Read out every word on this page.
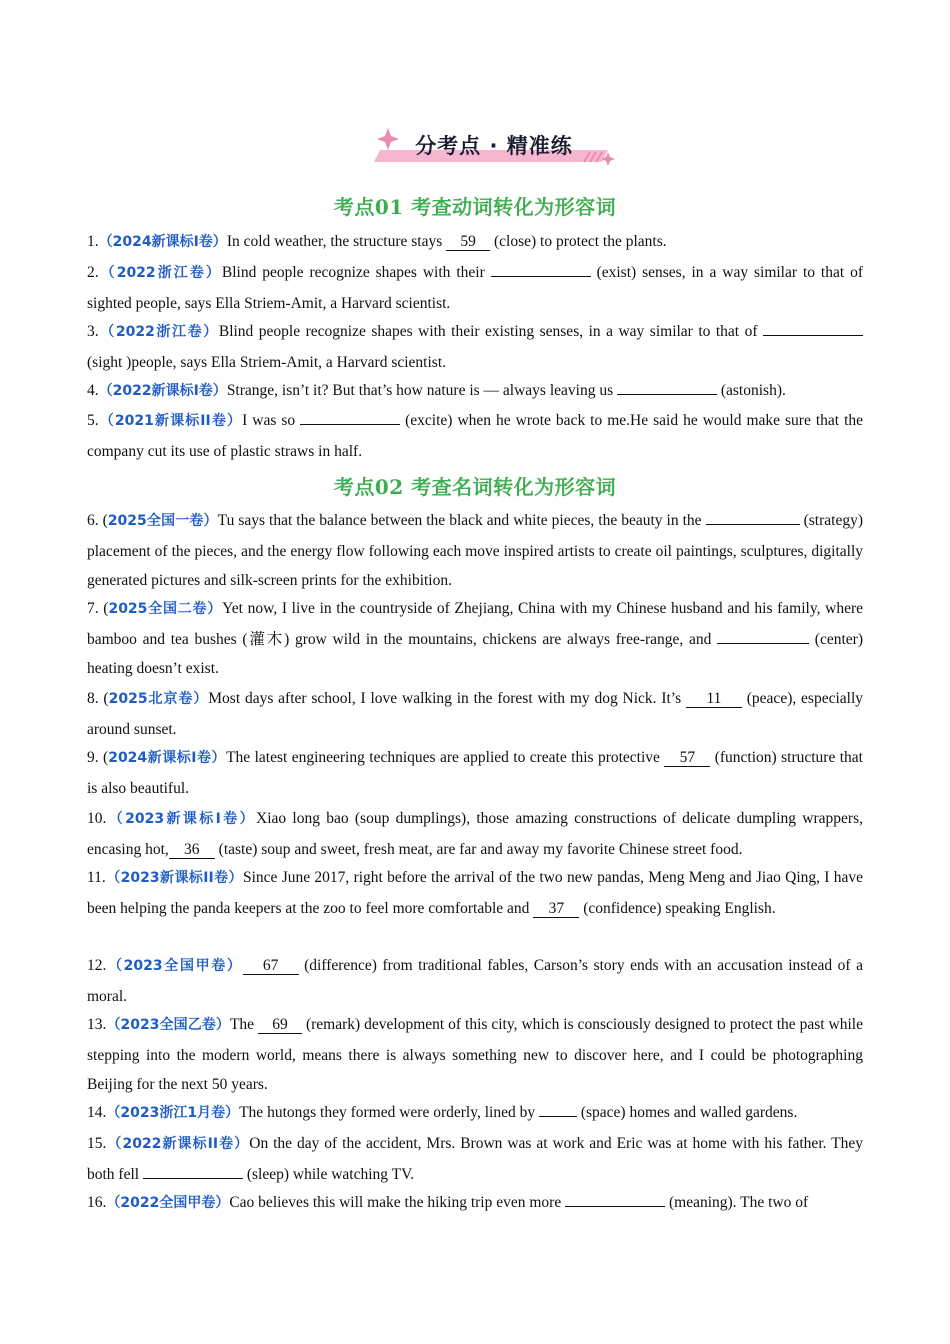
分考点 · 精准练
考点01 考查动词转化为形容词
1.（2024新课标I卷）In cold weather, the structure stays 59 (close) to protect the plants.
2.（2022浙江卷）Blind people recognize shapes with their	(exist) senses, in a way similar to that of sighted people, says Ella Striem-Amit, a Harvard scientist.
3.（2022浙江卷）Blind people recognize shapes with their existing senses, in a way similar to that of  (sight )people, says Ella Striem-Amit, a Harvard scientist.
4.（2022新课标I卷）Strange, isn’t it? But that’s how nature is — always leaving us	(astonish).
5.（2021新课标II卷）I was so	(excite) when he wrote back to me.He said he would make sure that the company cut its use of plastic straws in half.
考点02 考查名词转化为形容词
6. (2025全国一卷）Tu says that the balance between the black and white pieces, the beauty in the	(strategy) placement of the pieces, and the energy flow following each move inspired artists to create oil paintings, sculptures, digitally generated pictures and silk-screen prints for the exhibition.
7. (2025全国二卷）Yet now, I live in the countryside of Zhejiang, China with my Chinese husband and his family, where bamboo and tea bushes (灌木) grow wild in the mountains, chickens are always free-range, and	(center) heating doesn’t exist.
8. (2025北京卷）Most days after school, I love walking in the forest with my dog Nick. It’s 11 (peace), especially around sunset.
9. (2024新课标I卷）The latest engineering techniques are applied to create this protective 57 (function) structure that is also beautiful.
10.（2023新课标I卷）Xiao long bao (soup dumplings), those amazing constructions of delicate dumpling wrappers, encasing hot, 36 (taste) soup and sweet, fresh meat, are far and away my favorite Chinese street food.
11.（2023新课标II卷）Since June 2017, right before the arrival of the two new pandas, Meng Meng and Jiao Qing, I have been helping the panda keepers at the zoo to feel more comfortable and 37 (confidence) speaking English.
12.（2023全国甲卷） 67 (difference) from traditional fables, Carson’s story ends with an accusation instead of a moral.
13.（2023全国乙卷）The 69 (remark) development of this city, which is consciously designed to protect the past while stepping into the modern world, means there is always something new to discover here, and I could be photographing Beijing for the next 50 years.
14.（2023浙江1月卷）The hutongs they formed were orderly, lined by  (space) homes and walled gardens.
15.（2022新课标II卷）On the day of the accident, Mrs. Brown was at work and Eric was at home with his father. They both fell	(sleep) while watching TV.
16.（2022全国甲卷）Cao believes this will make the hiking trip even more	(meaning). The two of
